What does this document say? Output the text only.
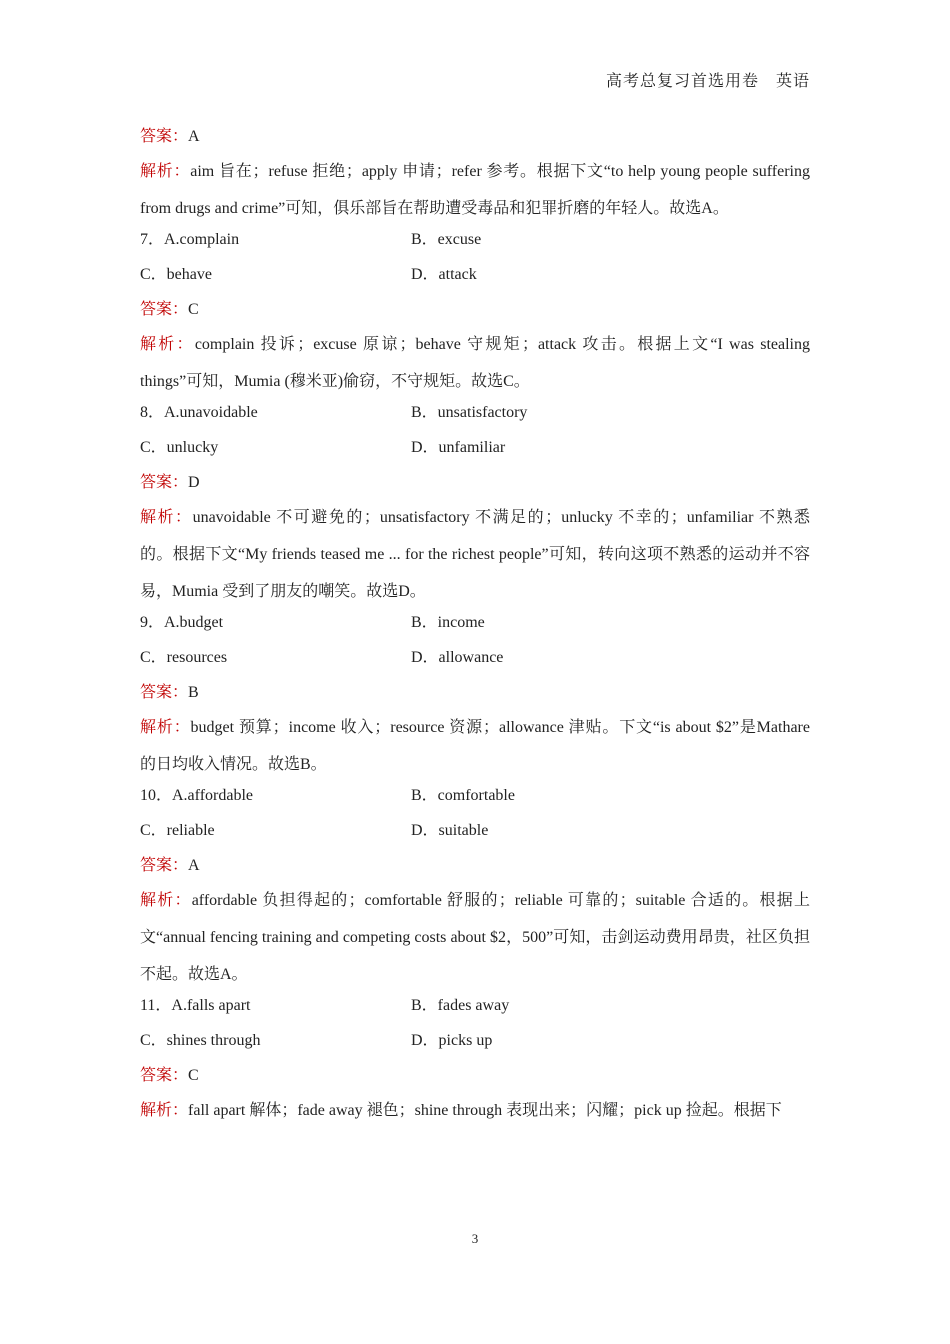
高考总复习首选用卷　英语
答案：A
解析：aim 旨在；refuse 拒绝；apply 申请；refer 参考。根据下文“to help young people suffering from drugs and crime”可知，俱乐部旨在帮助遭受毒品和犯罪折磨的年轻人。故选A。
7．A.complain	B．excuse
C．behave	D．attack
答案：C
解析：complain 投诉；excuse 原谅；behave 守规矩；attack 攻击。根据上文“I was stealing things”可知，Mumia (穆米亚)偷窃，不守规矩。故选C。
8．A.unavoidable	B．unsatisfactory
C．unlucky	D．unfamiliar
答案：D
解析：unavoidable 不可避免的；unsatisfactory 不满足的；unlucky 不幸的；unfamiliar 不熟悉的。根据下文“My friends teased me ... for the richest people”可知，转向这项不熟悉的运动并不容易，Mumia 受到了朋友的嘲笑。故选D。
9．A.budget	B．income
C．resources	D．allowance
答案：B
解析：budget 预算；income 收入；resource 资源；allowance 津贴。下文“is about $2”是Mathare 的日均收入情况。故选B。
10．A.affordable	B．comfortable
C．reliable	D．suitable
答案：A
解析：affordable 负担得起的；comfortable 舒服的；reliable 可靠的；suitable 合适的。根据上文“annual fencing training and competing costs about $2，500”可知，击剑运动费用昂贵，社区负担不起。故选A。
11．A.falls apart	B．fades away
C．shines through	D．picks up
答案：C
解析：fall apart 解体；fade away 褪色；shine through 表现出来；闪耀；pick up 捡起。根据下
3
